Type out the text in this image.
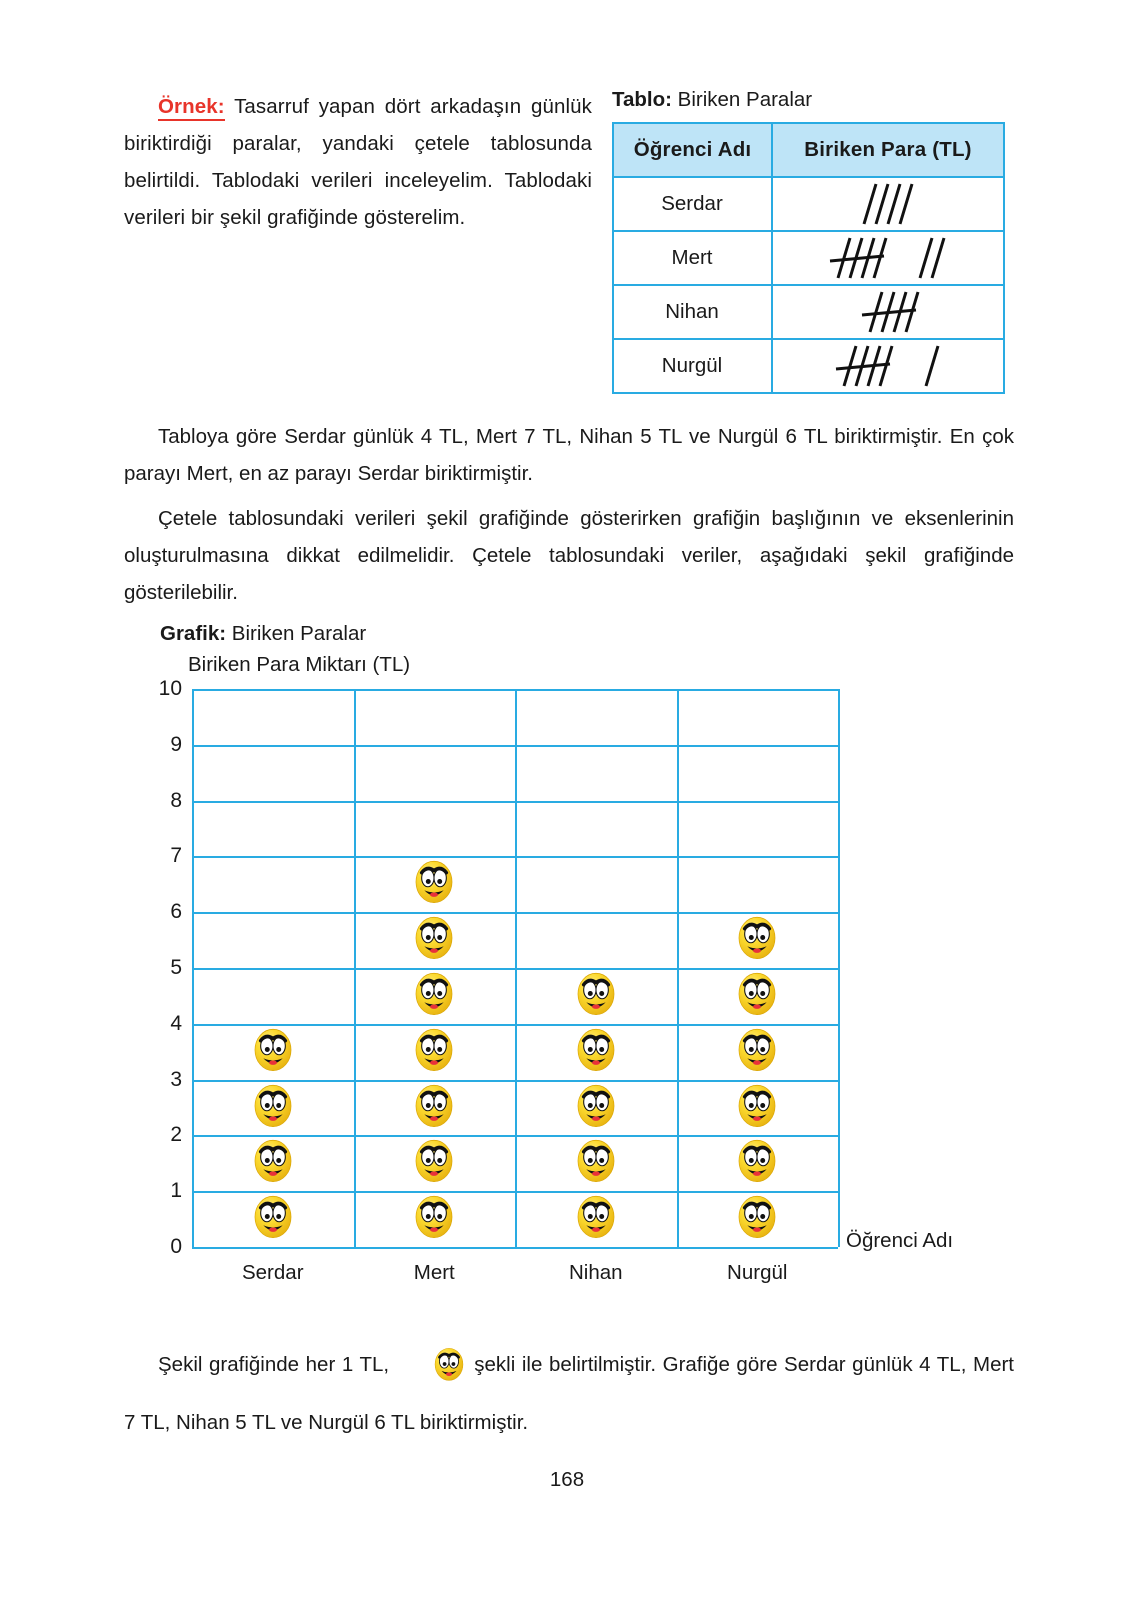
Örnek: Tasarruf yapan dört arkadaşın günlük biriktirdiği paralar, yandaki çetele tablosunda belirtildi. Tablodaki verileri inceleyelim. Tablodaki verileri bir şekil grafiğinde gösterelim.

Tablo: Biriken Paralar
Öğrenci Adı	Biriken Para (TL)
Serdar	

Mert	

Nihan	

Nurgül	

Tabloya göre Serdar günlük 4 TL, Mert 7 TL, Nihan 5 TL ve Nurgül 6 TL biriktirmiştir. En çok parayı Mert, en az parayı Serdar biriktirmiştir.

Çetele tablosundaki verileri şekil grafiğinde gösterirken grafiğin başlığının ve eksenlerinin oluşturulmasına dikkat edilmelidir. Çetele tablosundaki veriler, aşağıdaki şekil grafiğinde gösterilebilir.

Grafik: Biriken Paralar
Biriken Para Miktarı (TL)
0
1
2
3
4
5
6
7
8
9
10
Serdar	Mert	Nihan	Nurgül
Öğrenci Adı

Şekil grafiğinde her 1 TL,	şekli ile belirtilmiştir. Grafiğe göre Serdar günlük 4 TL, Mert 7 TL, Nihan 5 TL ve Nurgül 6 TL biriktirmiştir.

168
